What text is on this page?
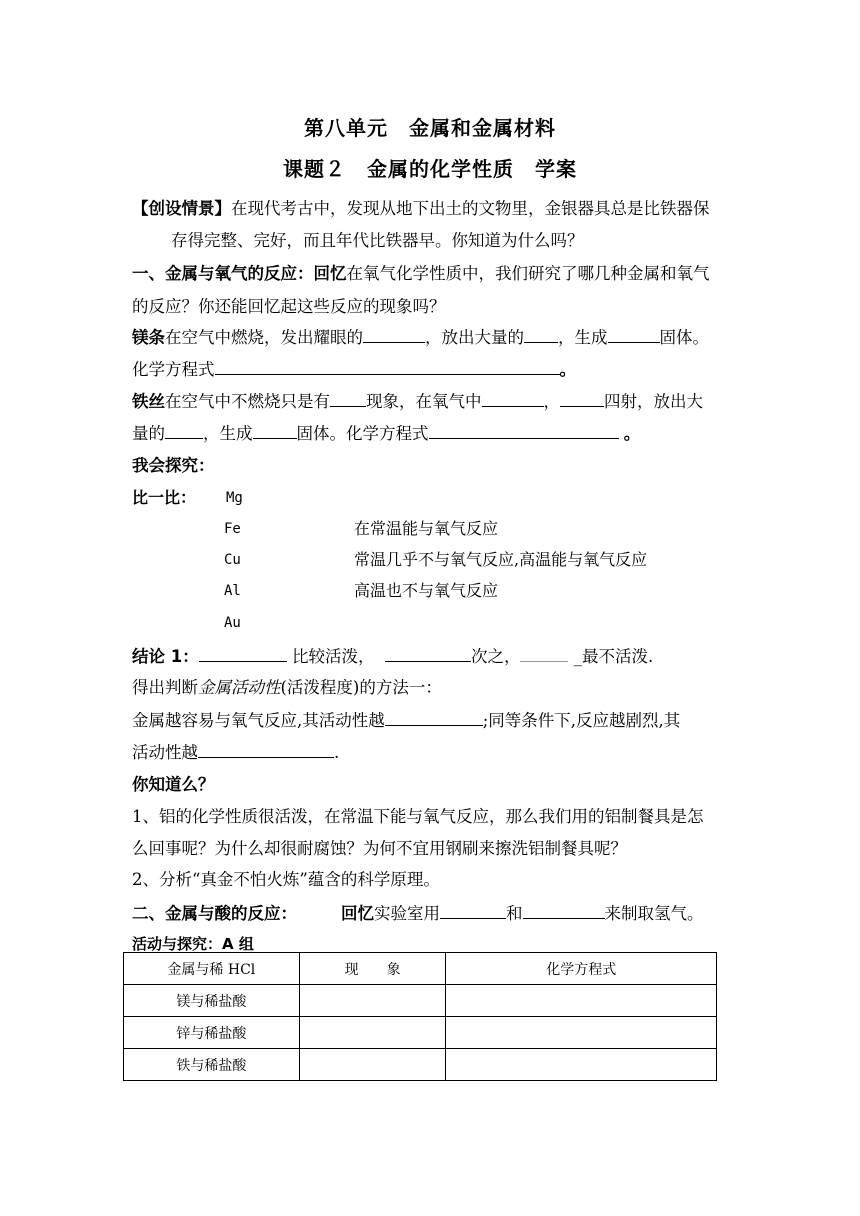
第八单元　金属和金属材料
课题２　金属的化学性质　学案
【创设情景】在现代考古中，发现从地下出土的文物里，金银器具总是比铁器保
存得完整、完好，而且年代比铁器早。你知道为什么吗？
一、金属与氧气的反应：回忆在氧气化学性质中，我们研究了哪几种金属和氧气
的反应？你还能回忆起这些反应的现象吗？
镁条在空气中燃烧，发出耀眼的	，放出大量的 ，生成	固体。
化学方程式	。
铁丝在空气中不燃烧只是有 现象，在氧气中	，	四射，放出大
量的 ，生成	固体。化学方程式	。
我会探究：
比一比： Mg
Fe	在常温能与氧气反应
Cu	常温几乎不与氧气反应,高温能与氧气反应
Al	高温也不与氧气反应
Au
结论 1：	比较活泼，	次之，	_最不活泼.
得出判断金属活动性(活泼程度)的方法一：
金属越容易与氧气反应,其活动性越	;同等条件下,反应越剧烈,其
活动性越	.
你知道么？
1、铝的化学性质很活泼，在常温下能与氧气反应，那么我们用的铝制餐具是怎
么回事呢？为什么却很耐腐蚀？为何不宜用钢刷来擦洗铝制餐具呢？
2、分析“真金不怕火炼”蕴含的科学原理。
二、金属与酸的反应：	回忆实验室用	和	来制取氢气。
活动与探究：A 组
金属与稀 HCl	现　　象	化学方程式
镁与稀盐酸		
锌与稀盐酸		
铁与稀盐酸		
